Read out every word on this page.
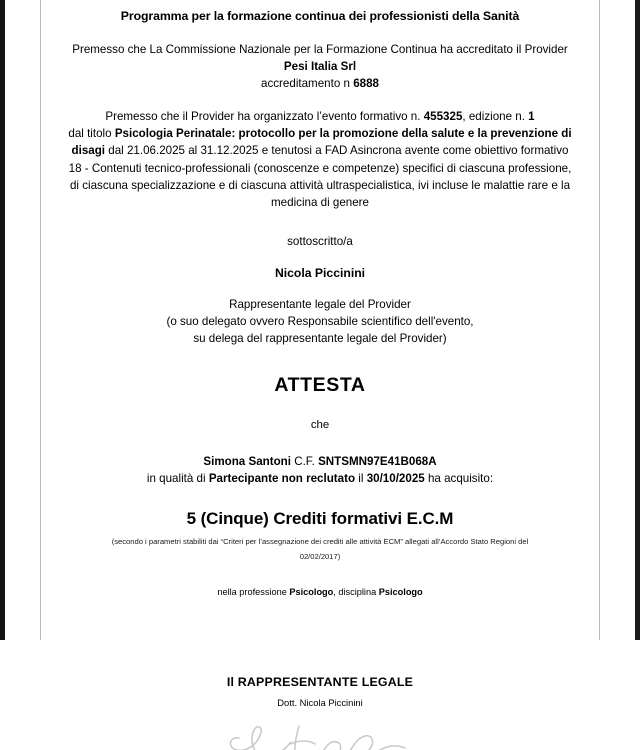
Programma per la formazione continua dei professionisti della Sanità

Premesso che La Commissione Nazionale per la Formazione Continua ha accreditato il Provider

Pesi Italia Srl

accreditamento n 6888

Premesso che il Provider ha organizzato l’evento formativo n. 455325, edizione n. 1

dal titolo Psicologia Perinatale: protocollo per la promozione della salute e la prevenzione di disagi dal 21.06.2025 al 31.12.2025 e tenutosi a FAD Asincrona avente come obiettivo formativo 18 - Contenuti tecnico-professionali (conoscenze e competenze) specifici di ciascuna professione, di ciascuna specializzazione e di ciascuna attività ultraspecialistica, ivi incluse le malattie rare e la medicina di genere

sottoscritto/a

Nicola Piccinini

Rappresentante legale del Provider

(o suo delegato ovvero Responsabile scientifico dell'evento,

su delega del rappresentante legale del Provider)

ATTESTA

che

Simona Santoni C.F. SNTSMN97E41B068A

in qualità di Partecipante non reclutato il 30/10/2025 ha acquisito:

5 (Cinque) Crediti formativi E.C.M

(secondo i parametri stabiliti dai “Criteri per l’assegnazione dei crediti alle attività ECM” allegati all’Accordo Stato Regioni del

02/02/2017)

nella professione Psicologo, disciplina Psicologo

Il RAPPRESENTANTE LEGALE

Dott. Nicola Piccinini
